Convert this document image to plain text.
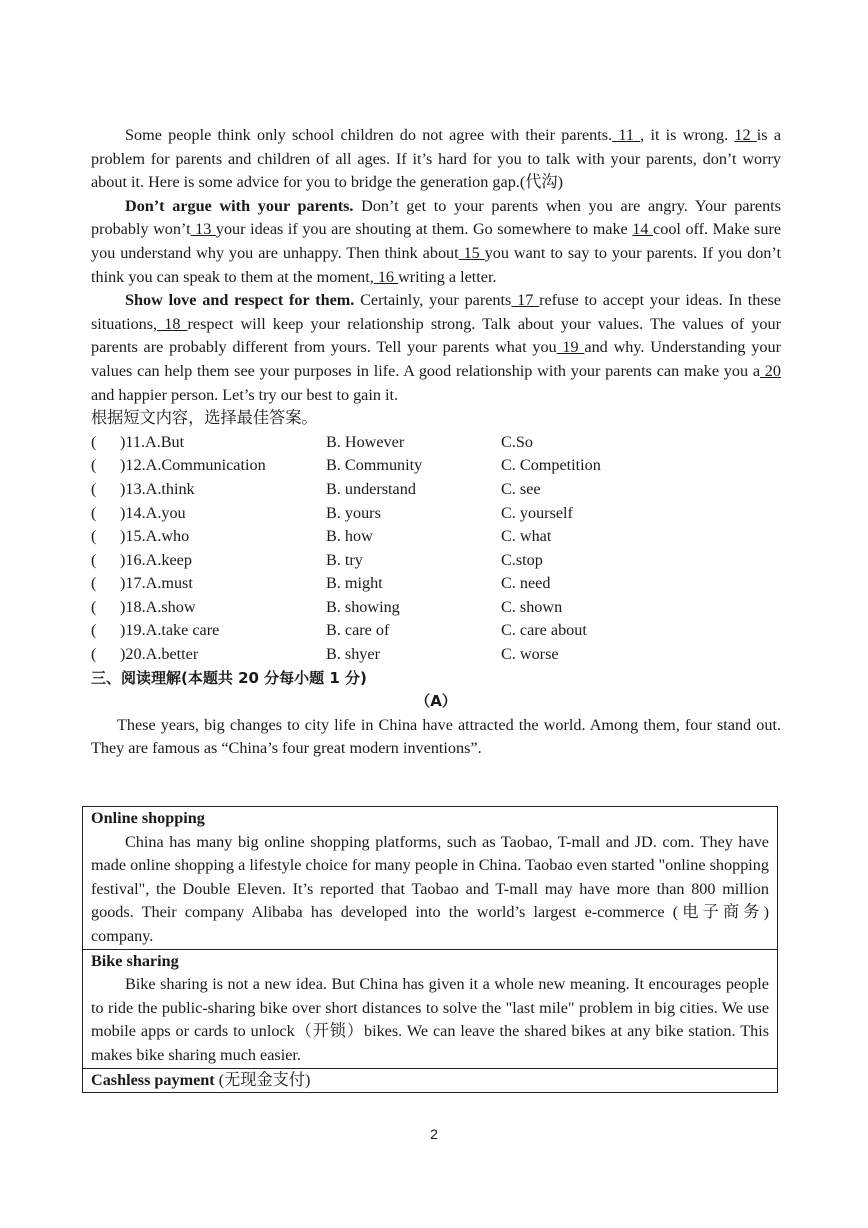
Some people think only school children do not agree with their parents. 11 , it is wrong. 12 is a problem for parents and children of all ages. If it’s hard for you to talk with your parents, don’t worry about it. Here is some advice for you to bridge the generation gap.(代沟)

Don’t argue with your parents. Don’t get to your parents when you are angry. Your parents probably won’t 13 your ideas if you are shouting at them. Go somewhere to make 14 cool off. Make sure you understand why you are unhappy. Then think about 15 you want to say to your parents. If you don’t think you can speak to them at the moment, 16 writing a letter.

Show love and respect for them. Certainly, your parents 17 refuse to accept your ideas. In these situations, 18 respect will keep your relationship strong. Talk about your values. The values of your parents are probably different from yours. Tell your parents what you 19 and why. Understanding your values can help them see your purposes in life. A good relationship with your parents can make you a 20 and happier person. Let’s try our best to gain it.

根据短文内容，选择最佳答案。

( )11.A.But	B. However	C.So
( )12.A.Communication	B. Community	C. Competition
( )13.A.think	B. understand	C. see
( )14.A.you	B. yours	C. yourself
( )15.A.who	B. how	C. what
( )16.A.keep	B. try	C.stop
( )17.A.must	B. might	C. need
( )18.A.show	B. showing	C. shown
( )19.A.take care	B. care of	C. care about
( )20.A.better	B. shyer	C. worse

三、阅读理解(本题共 20 分每小题 1 分)

（A）

These years, big changes to city life in China have attracted the world. Among them, four stand out. They are famous as “China’s four great modern inventions”.

Online shopping

China has many big online shopping platforms, such as Taobao, T-mall and JD. com. They have made online shopping a lifestyle choice for many people in China. Taobao even started "online shopping festival", the Double Eleven. It’s reported that Taobao and T-mall may have more than 800 million goods. Their company Alibaba has developed into the world’s largest e-commerce (电子商务) company.

Bike sharing

Bike sharing is not a new idea. But China has given it a whole new meaning. It encourages people to ride the public-sharing bike over short distances to solve the "last mile" problem in big cities. We use mobile apps or cards to unlock（开锁）bikes. We can leave the shared bikes at any bike station. This makes bike sharing much easier.

Cashless payment (无现金支付)
2
